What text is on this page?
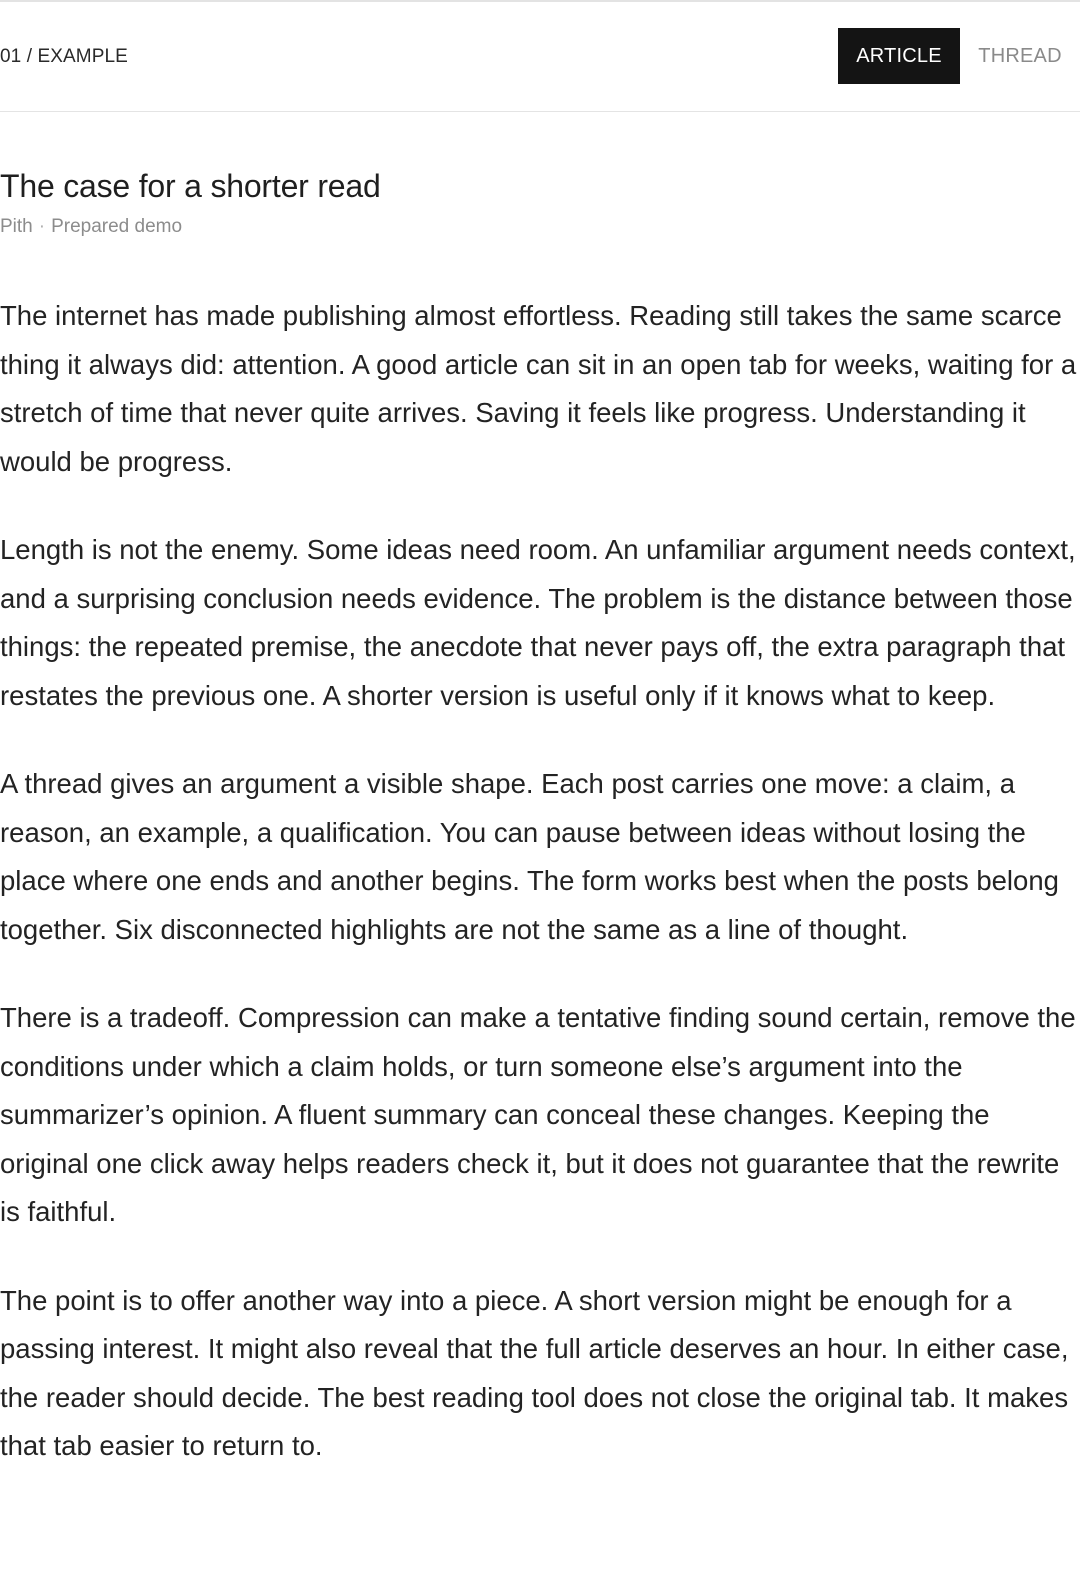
01 / EXAMPLE	ARTICLE	THREAD
The case for a shorter read
Pith · Prepared demo

The internet has made publishing almost effortless. Reading still takes the same scarce thing it always did: attention. A good article can sit in an open tab for weeks, waiting for a stretch of time that never quite arrives. Saving it feels like progress. Understanding it would be progress.

Length is not the enemy. Some ideas need room. An unfamiliar argument needs context, and a surprising conclusion needs evidence. The problem is the distance between those things: the repeated premise, the anecdote that never pays off, the extra paragraph that restates the previous one. A shorter version is useful only if it knows what to keep.

A thread gives an argument a visible shape. Each post carries one move: a claim, a reason, an example, a qualification. You can pause between ideas without losing the place where one ends and another begins. The form works best when the posts belong together. Six disconnected highlights are not the same as a line of thought.

There is a tradeoff. Compression can make a tentative finding sound certain, remove the conditions under which a claim holds, or turn someone else’s argument into the summarizer’s opinion. A fluent summary can conceal these changes. Keeping the original one click away helps readers check it, but it does not guarantee that the rewrite is faithful.

The point is to offer another way into a piece. A short version might be enough for a passing interest. It might also reveal that the full article deserves an hour. In either case, the reader should decide. The best reading tool does not close the original tab. It makes that tab easier to return to.
